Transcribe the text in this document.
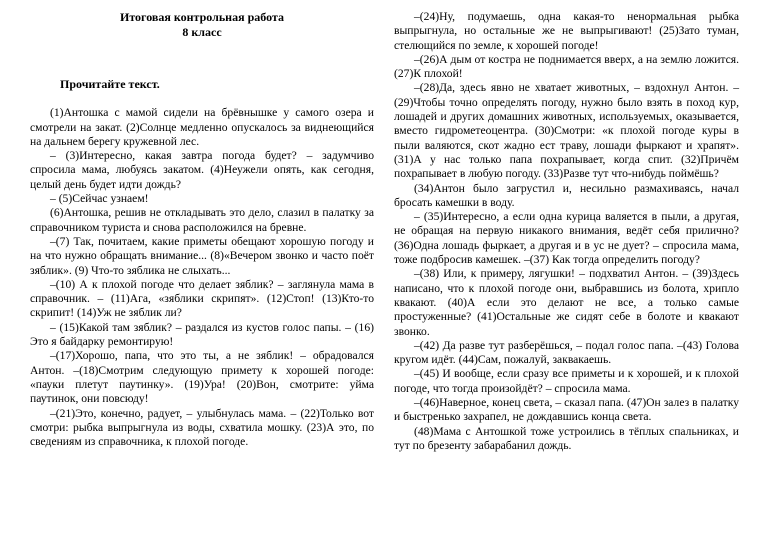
Итоговая контрольная работа
8 класс
Прочитайте текст.

(1)Антошка с мамой сидели на брёвнышке у самого озера и смотрели на закат. (2)Солнце медленно опускалось за виднеющийся на дальнем берегу кружевной лес.

– (3)Интересно, какая завтра погода будет? – задумчиво спросила мама, любуясь закатом. (4)Неужели опять, как сегодня, целый день будет идти дождь?

– (5)Сейчас узнаем!

(6)Антошка, решив не откладывать это дело, слазил в палатку за справочником туриста и снова расположился на бревне.

–(7) Так, почитаем, какие приметы обещают хорошую погоду и на что нужно обращать внимание... (8)«Вечером звонко и часто поёт зяблик». (9) Что-то зяблика не слыхать...

–(10) А к плохой погоде что делает зяблик? – заглянула мама в справочник. – (11)Ага, «зяблики скрипят». (12)Стоп! (13)Кто-то скрипит! (14)Уж не зяблик ли?

– (15)Какой там зяблик? – раздался из кустов голос папы. – (16) Это я байдарку ремонтирую!

–(17)Хорошо, папа, что это ты, а не зяблик! – обрадовался Антон. –(18)Смотрим следующую примету к хорошей погоде: «пауки плетут паутинку». (19)Ура! (20)Вон, смотрите: уйма паутинок, они повсюду!

–(21)Это, конечно, радует, – улыбнулась мама. – (22)Только вот смотри: рыбка выпрыгнула из воды, схватила мошку. (23)А это, по сведениям из справочника, к плохой погоде.

–(24)Ну, подумаешь, одна какая-то ненормальная рыбка выпрыгнула, но остальные же не выпрыгивают! (25)Зато туман, стелющийся по земле, к хорошей погоде!

–(26)А дым от костра не поднимается вверх, а на землю ложится. (27)К плохой!

–(28)Да, здесь явно не хватает животных, – вздохнул Антон. – (29)Чтобы точно определять погоду, нужно было взять в поход кур, лошадей и других домашних животных, используемых, оказывается, вместо гидрометеоцентра. (30)Смотри: «к плохой погоде куры в пыли валяются, скот жадно ест траву, лошади фыркают и храпят». (31)А у нас только папа похрапывает, когда спит. (32)Причём похрапывает в любую погоду. (33)Разве тут что-нибудь поймёшь?

(34)Антон было загрустил и, несильно размахиваясь, начал бросать камешки в воду.

– (35)Интересно, а если одна курица валяется в пыли, а другая, не обращая на первую никакого внимания, ведёт себя прилично? (36)Одна лошадь фыркает, а другая и в ус не дует? – спросила мама, тоже подбросив камешек. –(37) Как тогда определить погоду?

–(38) Или, к примеру, лягушки! – подхватил Антон. – (39)Здесь написано, что к плохой погоде они, выбравшись из болота, хрипло квакают. (40)А если это делают не все, а только самые простуженные? (41)Остальные же сидят себе в болоте и квакают звонко.

–(42) Да разве тут разберёшься, – подал голос папа. –(43) Голова кругом идёт. (44)Сам, пожалуй, заквакаешь.

–(45) И вообще, если сразу все приметы и к хорошей, и к плохой погоде, что тогда произойдёт? – спросила мама.

–(46)Наверное, конец света, – сказал папа. (47)Он залез в палатку и быстренько захрапел, не дождавшись конца света.

(48)Мама с Антошкой тоже устроились в тёплых спальниках, и тут по брезенту забарабанил дождь.
